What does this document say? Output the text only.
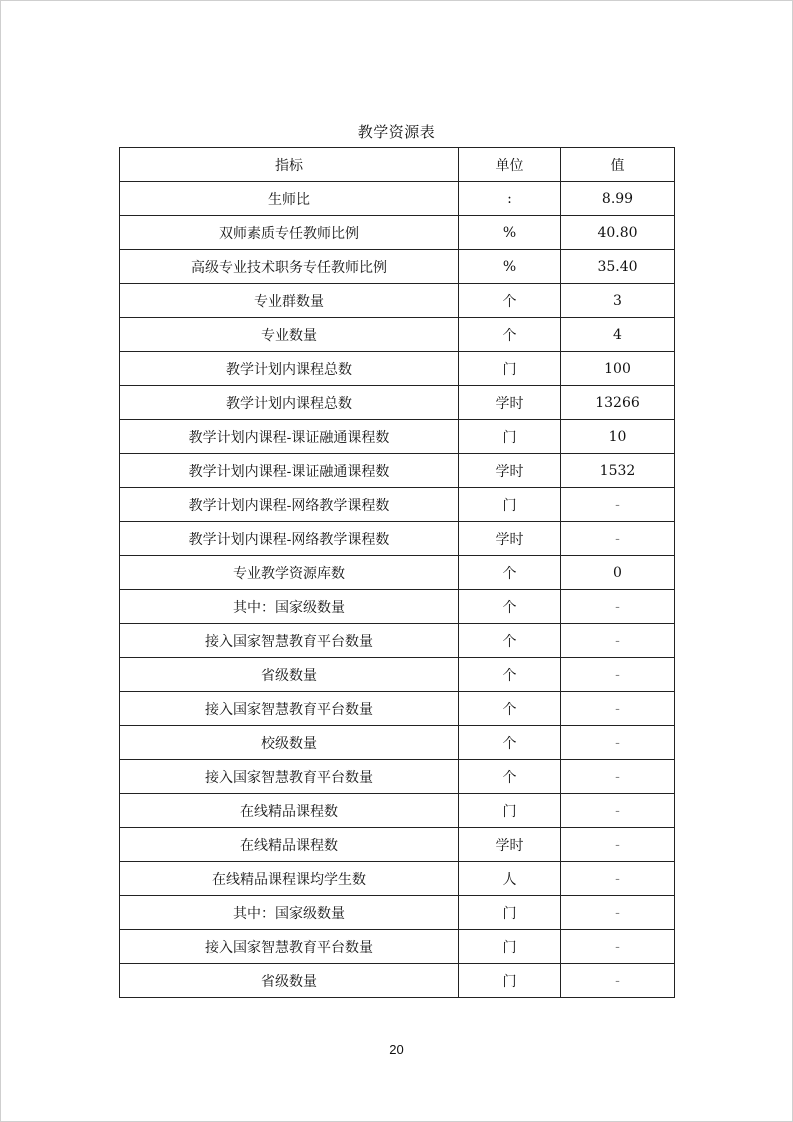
教学资源表
指标	单位	值
生师比	:	8.99
双师素质专任教师比例	%	40.80
高级专业技术职务专任教师比例	%	35.40
专业群数量	个	3
专业数量	个	4
教学计划内课程总数	门	100
教学计划内课程总数	学时	13266
教学计划内课程-课证融通课程数	门	10
教学计划内课程-课证融通课程数	学时	1532
教学计划内课程-网络教学课程数	门	-
教学计划内课程-网络教学课程数	学时	-
专业教学资源库数	个	0
其中：国家级数量	个	-
接入国家智慧教育平台数量	个	-
省级数量	个	-
接入国家智慧教育平台数量	个	-
校级数量	个	-
接入国家智慧教育平台数量	个	-
在线精品课程数	门	-
在线精品课程数	学时	-
在线精品课程课均学生数	人	-
其中：国家级数量	门	-
接入国家智慧教育平台数量	门	-
省级数量	门	-
20
